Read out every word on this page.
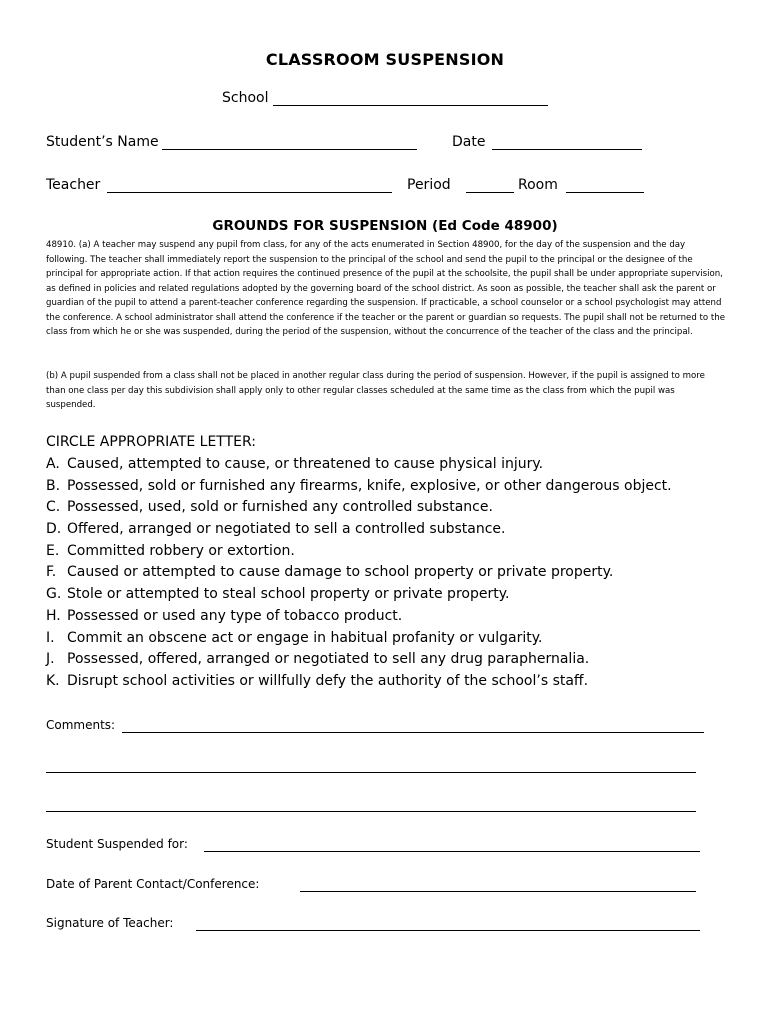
CLASSROOM SUSPENSION
School
Student’s Name	Date
Teacher	Period	Room
GROUNDS FOR SUSPENSION (Ed Code 48900)
48910. (a) A teacher may suspend any pupil from class, for any of the acts enumerated in Section 48900, for the day of the suspension and the day following. The teacher shall immediately report the suspension to the principal of the school and send the pupil to the principal or the designee of the principal for appropriate action. If that action requires the continued presence of the pupil at the schoolsite, the pupil shall be under appropriate supervision, as defined in policies and related regulations adopted by the governing board of the school district. As soon as possible, the teacher shall ask the parent or guardian of the pupil to attend a parent-teacher conference regarding the suspension. If practicable, a school counselor or a school psychologist may attend the conference. A school administrator shall attend the conference if the teacher or the parent or guardian so requests. The pupil shall not be returned to the class from which he or she was suspended, during the period of the suspension, without the concurrence of the teacher of the class and the principal.
(b) A pupil suspended from a class shall not be placed in another regular class during the period of suspension. However, if the pupil is assigned to more than one class per day this subdivision shall apply only to other regular classes scheduled at the same time as the class from which the pupil was suspended.
CIRCLE APPROPRIATE LETTER:
A. Caused, attempted to cause, or threatened to cause physical injury.
B. Possessed, sold or furnished any firearms, knife, explosive, or other dangerous object.
C. Possessed, used, sold or furnished any controlled substance.
D. Offered, arranged or negotiated to sell a controlled substance.
E. Committed robbery or extortion.
F. Caused or attempted to cause damage to school property or private property.
G. Stole or attempted to steal school property or private property.
H. Possessed or used any type of tobacco product.
I. Commit an obscene act or engage in habitual profanity or vulgarity.
J. Possessed, offered, arranged or negotiated to sell any drug paraphernalia.
K. Disrupt school activities or willfully defy the authority of the school’s staff.
Comments:
Student Suspended for:
Date of Parent Contact/Conference:
Signature of Teacher:
